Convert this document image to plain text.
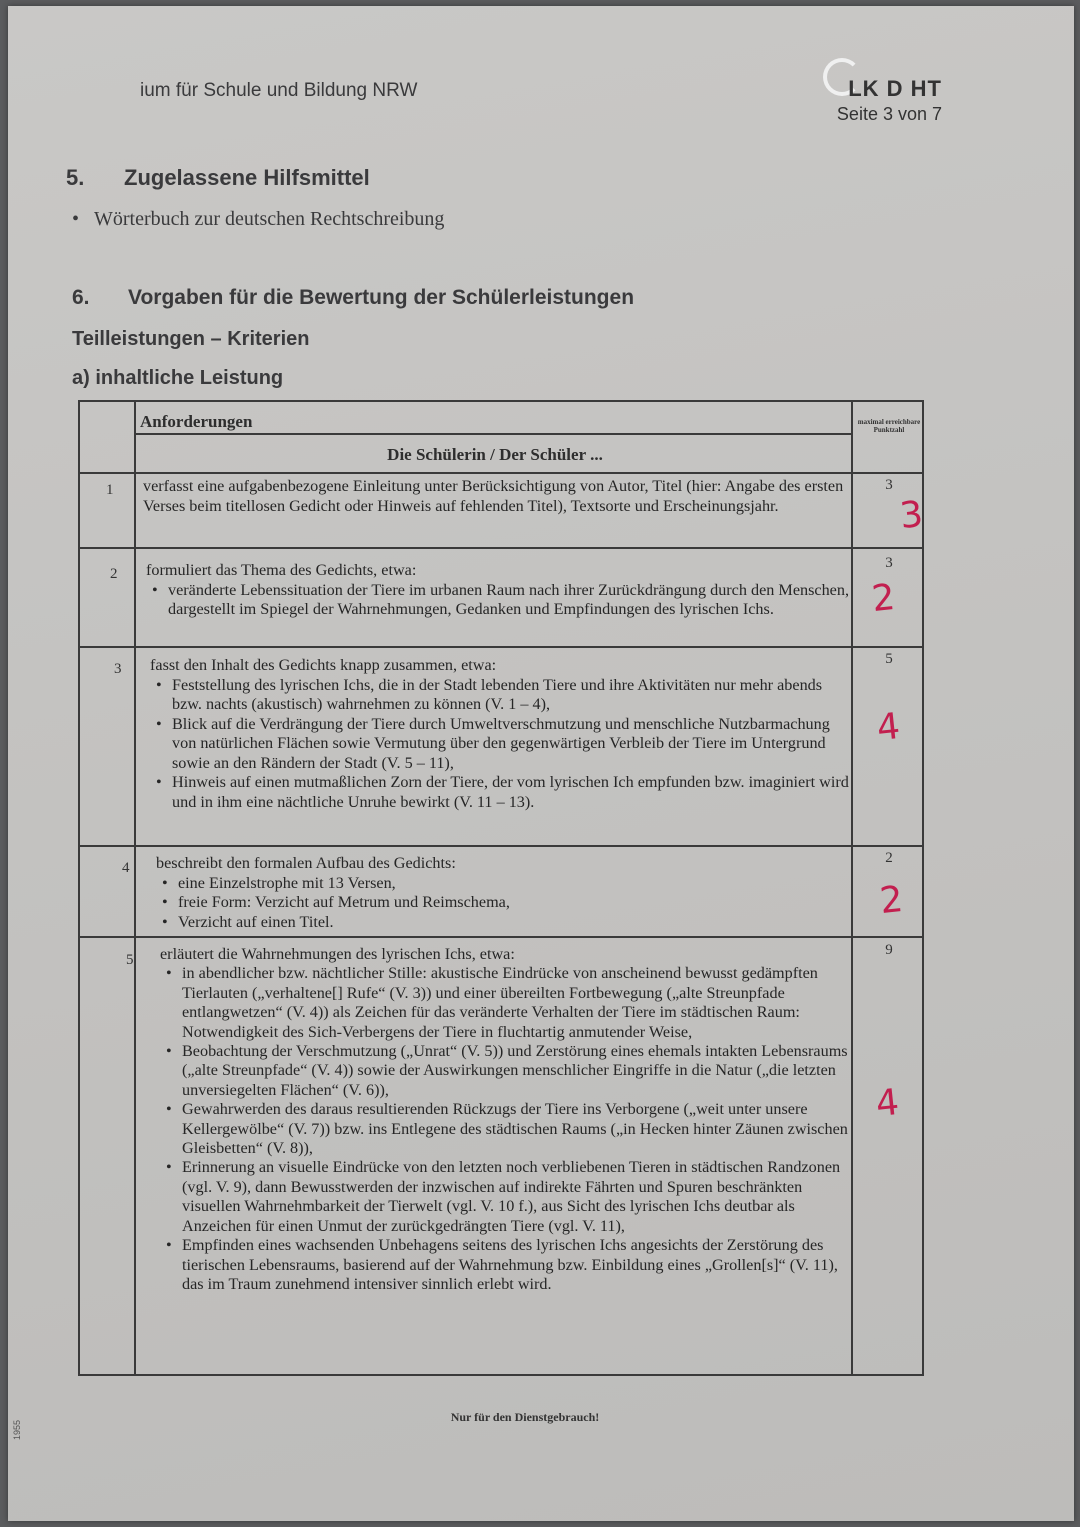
ium für Schule und Bildung NRW	LK D HT
Seite 3 von 7
5. Zugelassene Hilfsmittel
• Wörterbuch zur deutschen Rechtschreibung
6. Vorgaben für die Bewertung der Schülerleistungen
Teilleistungen – Kriterien
a) inhaltliche Leistung
Anforderungen
Die Schülerin / Der Schüler ...
maximal erreichbare Punktzahl
1 verfasst eine aufgabenbezogene Einleitung unter Berücksichtigung von Autor, Titel (hier: Angabe des ersten Verses beim titellosen Gedicht oder Hinweis auf fehlenden Titel), Textsorte und Erscheinungsjahr.
3
3
2 formuliert das Thema des Gedichts, etwa:
• veränderte Lebenssituation der Tiere im urbanen Raum nach ihrer Zurückdrängung durch den Menschen, dargestellt im Spiegel der Wahrnehmungen, Gedanken und Empfindungen des lyrischen Ichs.
3
2
3 fasst den Inhalt des Gedichts knapp zusammen, etwa:
• Feststellung des lyrischen Ichs, die in der Stadt lebenden Tiere und ihre Aktivitäten nur mehr abends bzw. nachts (akustisch) wahrnehmen zu können (V. 1 – 4),
• Blick auf die Verdrängung der Tiere durch Umweltverschmutzung und menschliche Nutzbarmachung von natürlichen Flächen sowie Vermutung über den gegenwärtigen Verbleib der Tiere im Untergrund sowie an den Rändern der Stadt (V. 5 – 11),
• Hinweis auf einen mutmaßlichen Zorn der Tiere, der vom lyrischen Ich empfunden bzw. imaginiert wird und in ihm eine nächtliche Unruhe bewirkt (V. 11 – 13).
5
4
4 beschreibt den formalen Aufbau des Gedichts:
• eine Einzelstrophe mit 13 Versen,
• freie Form: Verzicht auf Metrum und Reimschema,
• Verzicht auf einen Titel.
2
2
5 erläutert die Wahrnehmungen des lyrischen Ichs, etwa:
• in abendlicher bzw. nächtlicher Stille: akustische Eindrücke von anscheinend bewusst gedämpften Tierlauten („verhaltene[] Rufe“ (V. 3)) und einer übereilten Fortbewegung („alte Streunpfade entlangwetzen“ (V. 4)) als Zeichen für das veränderte Verhalten der Tiere im städtischen Raum: Notwendigkeit des Sich-Verbergens der Tiere in fluchtartig anmutender Weise,
• Beobachtung der Verschmutzung („Unrat“ (V. 5)) und Zerstörung eines ehemals intakten Lebensraums („alte Streunpfade“ (V. 4)) sowie der Auswirkungen menschlicher Eingriffe in die Natur („die letzten unversiegelten Flächen“ (V. 6)),
• Gewahrwerden des daraus resultierenden Rückzugs der Tiere ins Verborgene („weit unter unsere Kellergewölbe“ (V. 7)) bzw. ins Entlegene des städtischen Raums („in Hecken hinter Zäunen zwischen Gleisbetten“ (V. 8)),
• Erinnerung an visuelle Eindrücke von den letzten noch verbliebenen Tieren in städtischen Randzonen (vgl. V. 9), dann Bewusstwerden der inzwischen auf indirekte Fährten und Spuren beschränkten visuellen Wahrnehmbarkeit der Tierwelt (vgl. V. 10 f.), aus Sicht des lyrischen Ichs deutbar als Anzeichen für einen Unmut der zurückgedrängten Tiere (vgl. V. 11),
• Empfinden eines wachsenden Unbehagens seitens des lyrischen Ichs angesichts der Zerstörung des tierischen Lebensraums, basierend auf der Wahrnehmung bzw. Einbildung eines „Grollen[s]“ (V. 11), das im Traum zunehmend intensiver sinnlich erlebt wird.
9
4
Nur für den Dienstgebrauch!
1955
